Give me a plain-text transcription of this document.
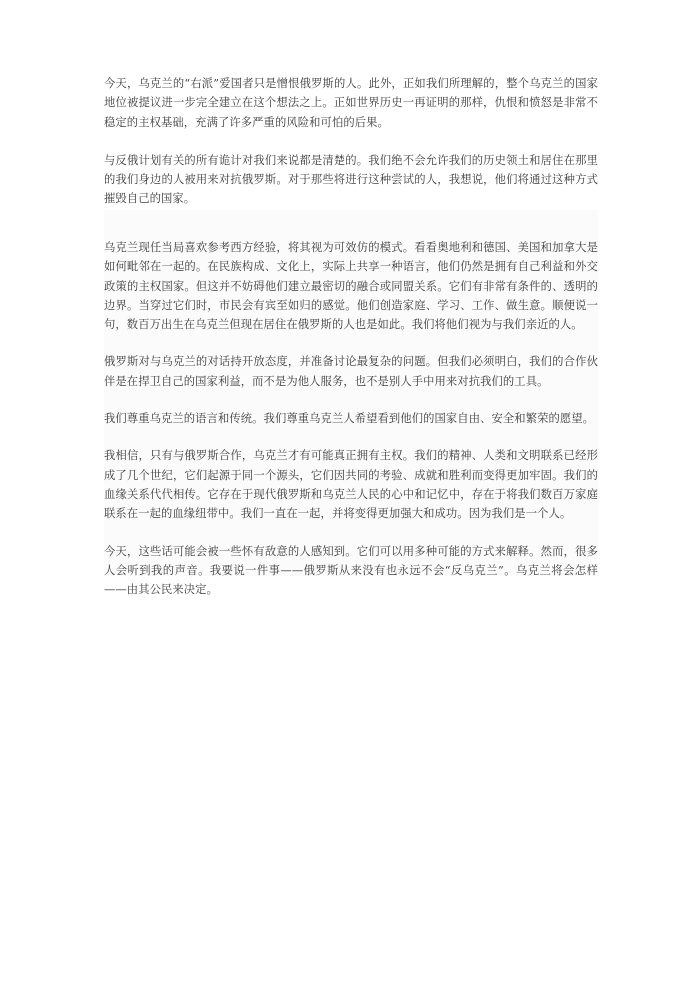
今天，乌克兰的“右派”爱国者只是憎恨俄罗斯的人。此外，正如我们所理解的，整个乌克兰的国家地位被提议进一步完全建立在这个想法之上。正如世界历史一再证明的那样，仇恨和愤怒是非常不稳定的主权基础，充满了许多严重的风险和可怕的后果。

与反俄计划有关的所有诡计对我们来说都是清楚的。我们绝不会允许我们的历史领土和居住在那里的我们身边的人被用来对抗俄罗斯。对于那些将进行这种尝试的人，我想说，他们将通过这种方式摧毁自己的国家。

乌克兰现任当局喜欢参考西方经验，将其视为可效仿的模式。看看奥地利和德国、美国和加拿大是如何毗邻在一起的。在民族构成、文化上，实际上共享一种语言，他们仍然是拥有自己利益和外交政策的主权国家。但这并不妨碍他们建立最密切的融合或同盟关系。它们有非常有条件的、透明的边界。当穿过它们时，市民会有宾至如归的感觉。他们创造家庭、学习、工作、做生意。顺便说一句，数百万出生在乌克兰但现在居住在俄罗斯的人也是如此。我们将他们视为与我们亲近的人。

俄罗斯对与乌克兰的对话持开放态度，并准备讨论最复杂的问题。但我们必须明白，我们的合作伙伴是在捍卫自己的国家利益，而不是为他人服务，也不是别人手中用来对抗我们的工具。

我们尊重乌克兰的语言和传统。我们尊重乌克兰人希望看到他们的国家自由、安全和繁荣的愿望。

我相信，只有与俄罗斯合作，乌克兰才有可能真正拥有主权。我们的精神、人类和文明联系已经形成了几个世纪，它们起源于同一个源头，它们因共同的考验、成就和胜利而变得更加牢固。我们的血缘关系代代相传。它存在于现代俄罗斯和乌克兰人民的心中和记忆中，存在于将我们数百万家庭联系在一起的血缘纽带中。我们一直在一起，并将变得更加强大和成功。因为我们是一个人。

今天，这些话可能会被一些怀有敌意的人感知到。它们可以用多种可能的方式来解释。然而，很多人会听到我的声音。我要说一件事——俄罗斯从来没有也永远不会“反乌克兰”。乌克兰将会怎样——由其公民来决定。
